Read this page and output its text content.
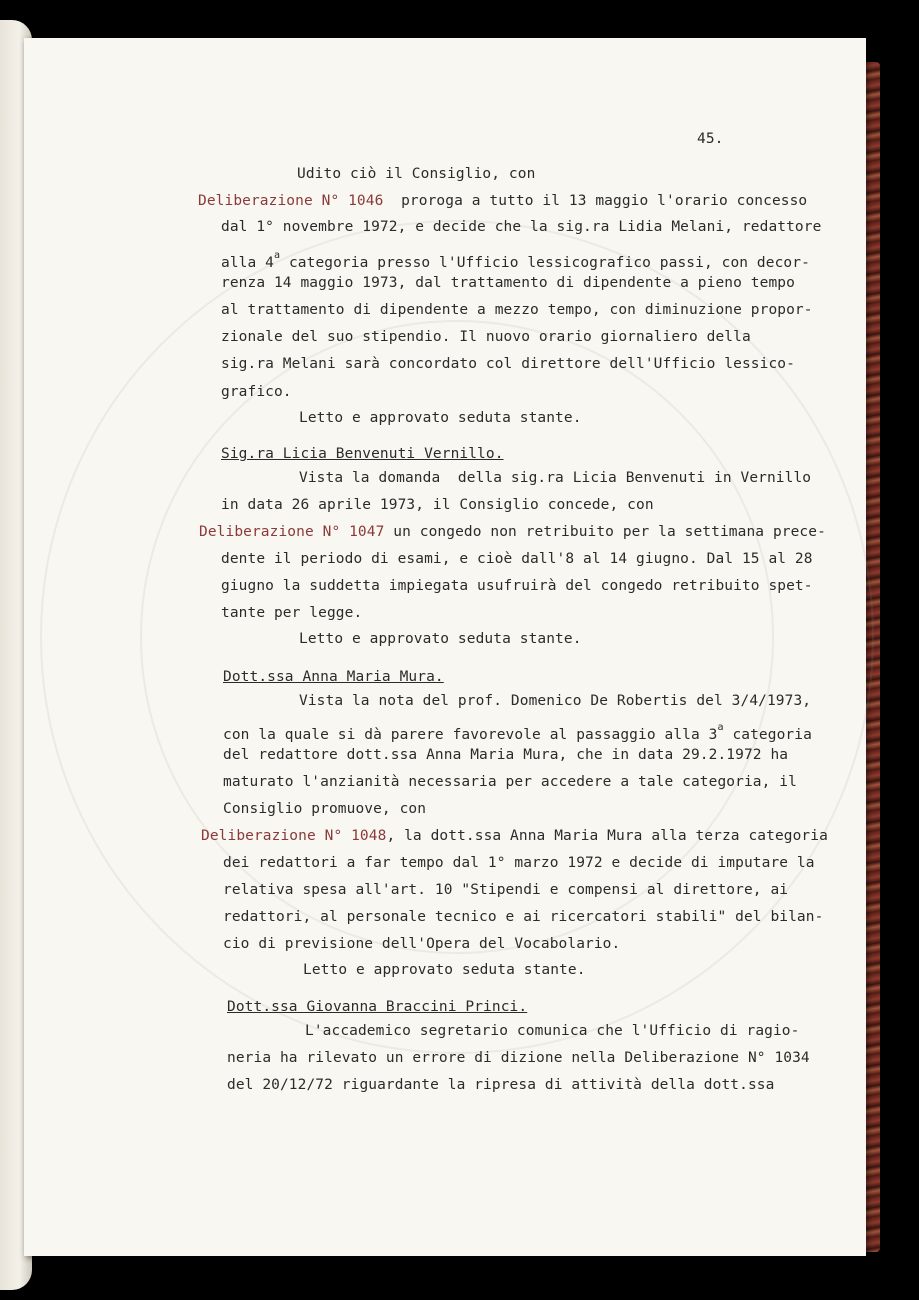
45.
Udito ciò il Consiglio, con
Deliberazione N° 1046  proroga a tutto il 13 maggio l'orario concesso
dal 1° novembre 1972, e decide che la sig.ra Lidia Melani, redattore
alla 4$^a$ categoria presso l'Ufficio lessicografico passi, con decor-
renza 14 maggio 1973, dal trattamento di dipendente a pieno tempo
al trattamento di dipendente a mezzo tempo, con diminuzione propor-
zionale del suo stipendio. Il nuovo orario giornaliero della
sig.ra Melani sarà concordato col direttore dell'Ufficio lessico-
grafico.
Letto e approvato seduta stante.
Sig.ra Licia Benvenuti Vernillo.
Vista la domanda  della sig.ra Licia Benvenuti in Vernillo
in data 26 aprile 1973, il Consiglio concede, con
Deliberazione N° 1047 un congedo non retribuito per la settimana prece-
dente il periodo di esami, e cioè dall'8 al 14 giugno. Dal 15 al 28
giugno la suddetta impiegata usufruirà del congedo retribuito spet-
tante per legge.
Letto e approvato seduta stante.
Dott.ssa Anna Maria Mura.
Vista la nota del prof. Domenico De Robertis del 3/4/1973,
con la quale si dà parere favorevole al passaggio alla 3$^a$ categoria
del redattore dott.ssa Anna Maria Mura, che in data 29.2.1972 ha
maturato l'anzianità necessaria per accedere a tale categoria, il
Consiglio promuove, con
Deliberazione N° 1048, la dott.ssa Anna Maria Mura alla terza categoria
dei redattori a far tempo dal 1° marzo 1972 e decide di imputare la
relativa spesa all'art. 10 "Stipendi e compensi al direttore, ai
redattori, al personale tecnico e ai ricercatori stabili" del bilan-
cio di previsione dell'Opera del Vocabolario.
Letto e approvato seduta stante.
Dott.ssa Giovanna Braccini Princi.
L'accademico segretario comunica che l'Ufficio di ragio-
neria ha rilevato un errore di dizione nella Deliberazione N° 1034
del 20/12/72 riguardante la ripresa di attività della dott.ssa
